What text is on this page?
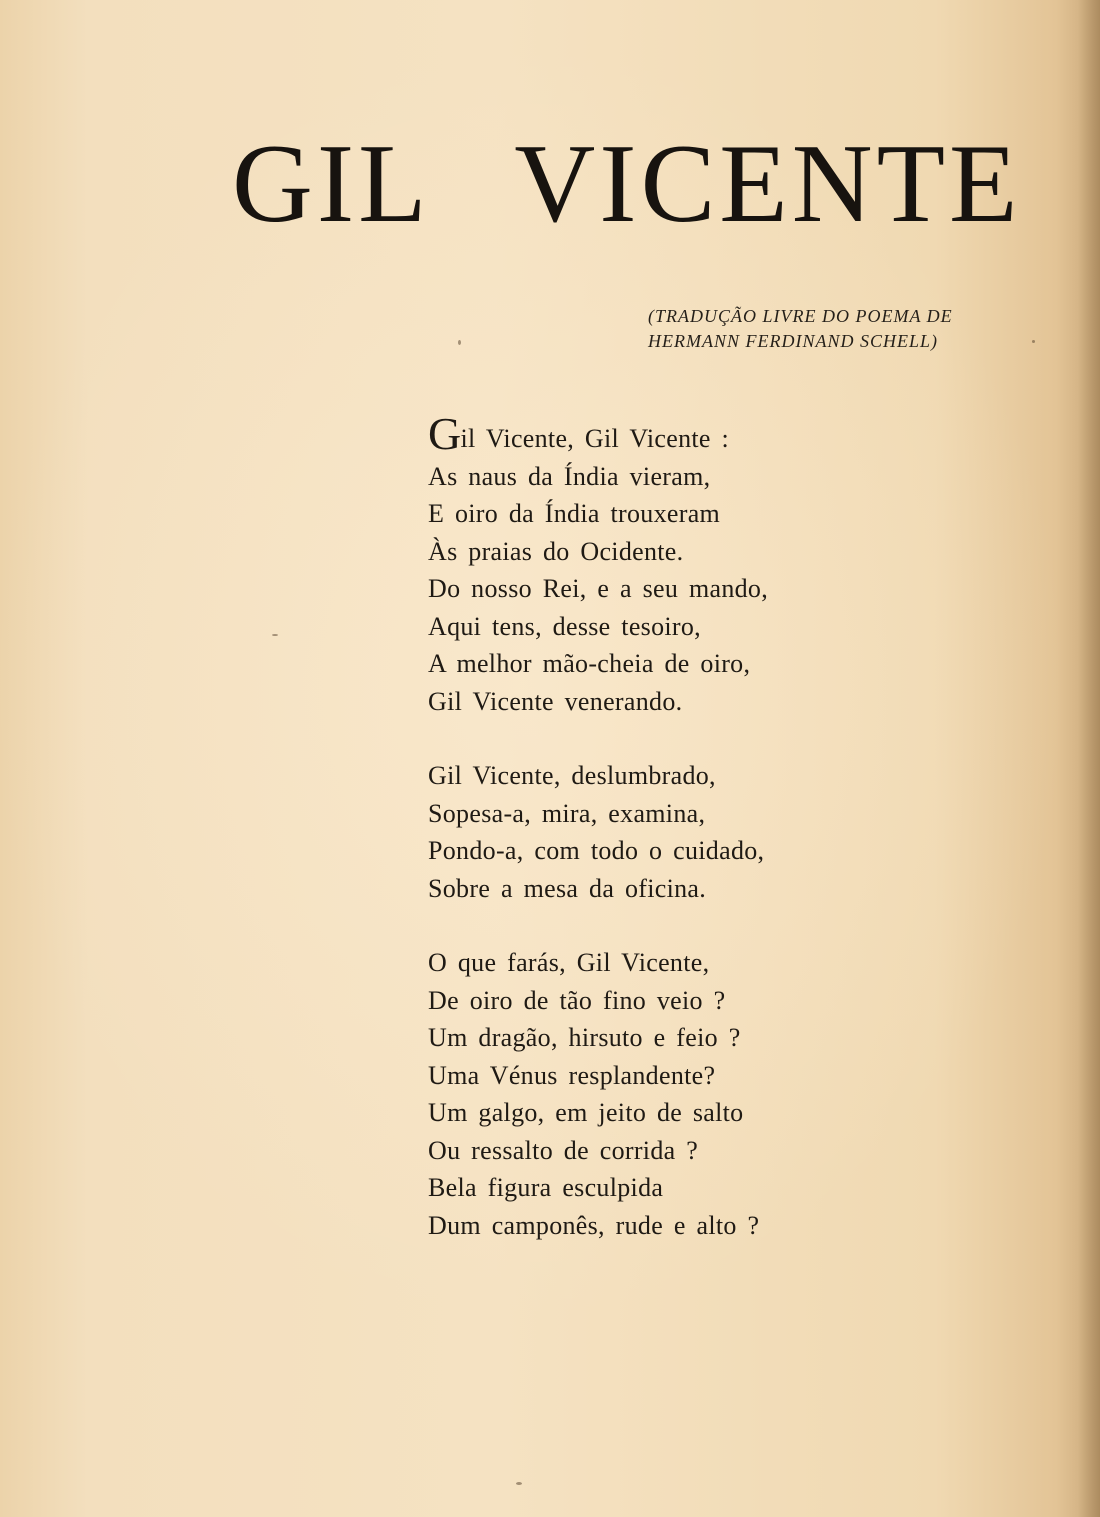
GIL VICENTE
(TRADUÇÃO LIVRE DO POEMA DE
HERMANN FERDINAND SCHELL)

Gil Vicente, Gil Vicente :
As naus da Índia vieram,
E oiro da Índia trouxeram
Às praias do Ocidente.
Do nosso Rei, e a seu mando,
Aqui tens, desse tesoiro,
A melhor mão-cheia de oiro,
Gil Vicente venerando.

Gil Vicente, deslumbrado,
Sopesa-a, mira, examina,
Pondo-a, com todo o cuidado,
Sobre a mesa da oficina.

O que farás, Gil Vicente,
De oiro de tão fino veio ?
Um dragão, hirsuto e feio ?
Uma Vénus resplandente?
Um galgo, em jeito de salto
Ou ressalto de corrida ?
Bela figura esculpida
Dum camponês, rude e alto ?
